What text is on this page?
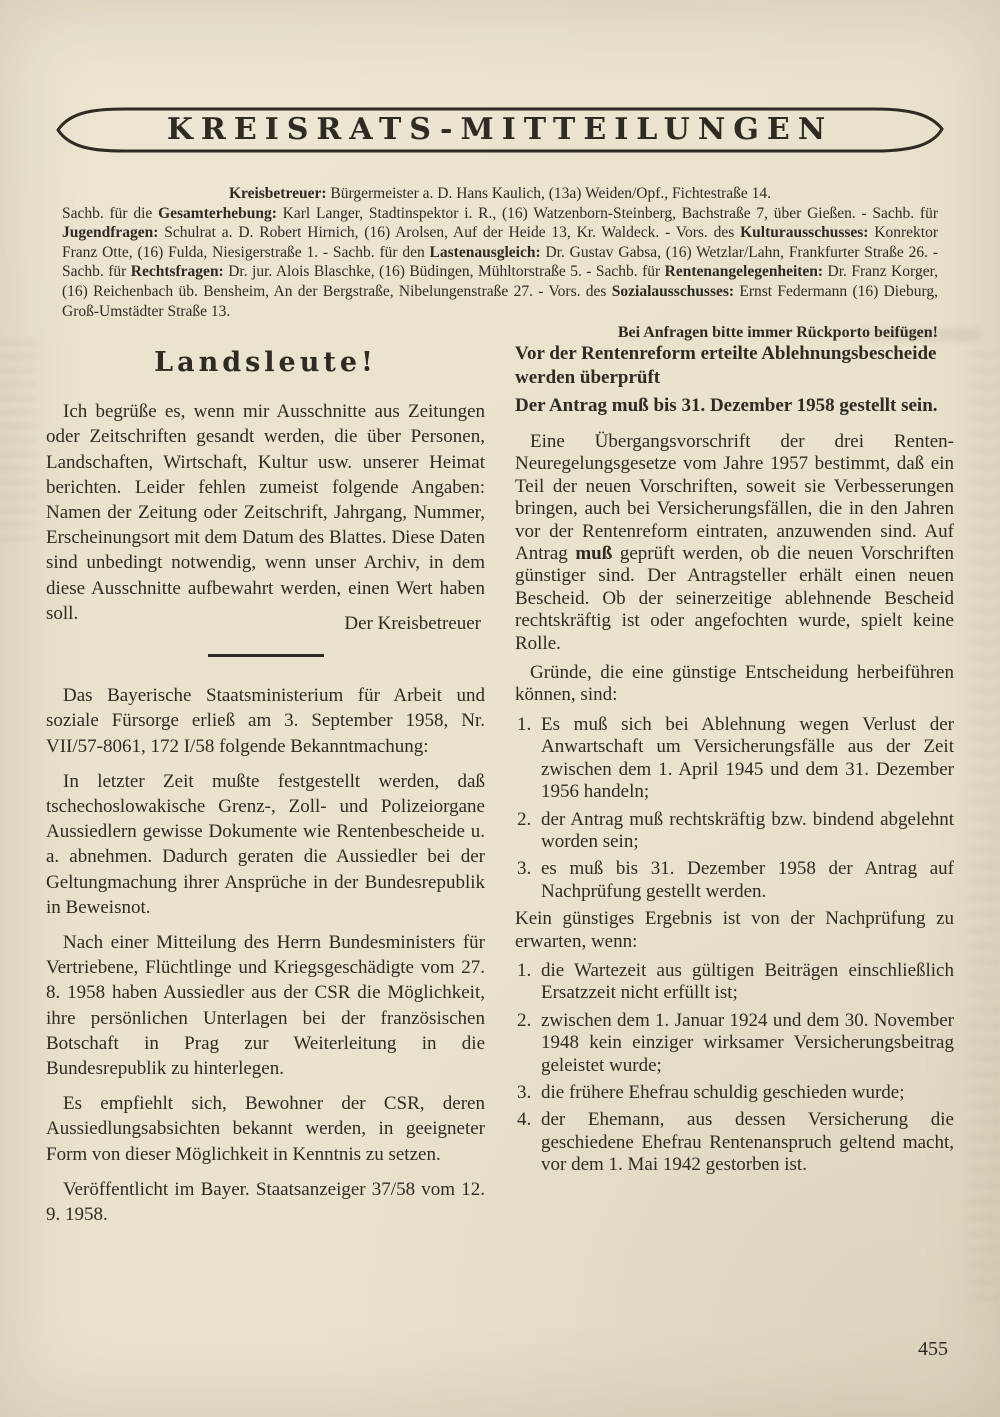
KREISRATS-MITTEILUNGEN
Kreisbetreuer: Bürgermeister a. D. Hans Kaulich, (13a) Weiden/Opf., Fichtestraße 14.
Sachb. für die Gesamterhebung: Karl Langer, Stadtinspektor i. R., (16) Watzenborn-Steinberg, Bachstraße 7, über Gießen. - Sachb. für Jugendfragen: Schulrat a. D. Robert Hirnich, (16) Arolsen, Auf der Heide 13, Kr. Waldeck. - Vors. des Kulturausschusses: Konrektor Franz Otte, (16) Fulda, Niesigerstraße 1. - Sachb. für den Lastenausgleich: Dr. Gustav Gabsa, (16) Wetzlar/Lahn, Frankfurter Straße 26. - Sachb. für Rechtsfragen: Dr. jur. Alois Blaschke, (16) Büdingen, Mühltorstraße 5. - Sachb. für Rentenangelegenheiten: Dr. Franz Korger, (16) Reichenbach üb. Bensheim, An der Bergstraße, Nibelungenstraße 27. - Vors. des Sozialausschusses: Ernst Federmann (16) Dieburg, Groß-Umstädter Straße 13.
Bei Anfragen bitte immer Rückporto beifügen!
Landsleute!

Ich begrüße es, wenn mir Ausschnitte aus Zeitungen oder Zeitschriften gesandt werden, die über Personen, Landschaften, Wirtschaft, Kultur usw. unserer Heimat berichten. Leider fehlen zumeist folgende Angaben: Namen der Zeitung oder Zeitschrift, Jahrgang, Nummer, Erscheinungsort mit dem Datum des Blattes. Diese Daten sind unbedingt notwendig, wenn unser Archiv, in dem diese Ausschnitte aufbewahrt werden, einen Wert haben soll.	Der Kreisbetreuer

Das Bayerische Staatsministerium für Arbeit und soziale Fürsorge erließ am 3. September 1958, Nr. VII/57-8061, 172 I/58 folgende Bekanntmachung:

In letzter Zeit mußte festgestellt werden, daß tschechoslowakische Grenz-, Zoll- und Polizeiorgane Aussiedlern gewisse Dokumente wie Rentenbescheide u. a. abnehmen. Dadurch geraten die Aussiedler bei der Geltungmachung ihrer Ansprüche in der Bundesrepublik in Beweisnot.

Nach einer Mitteilung des Herrn Bundesministers für Vertriebene, Flüchtlinge und Kriegsgeschädigte vom 27. 8. 1958 haben Aussiedler aus der CSR die Möglichkeit, ihre persönlichen Unterlagen bei der französischen Botschaft in Prag zur Weiterleitung in die Bundesrepublik zu hinterlegen.

Es empfiehlt sich, Bewohner der CSR, deren Aussiedlungsabsichten bekannt werden, in geeigneter Form von dieser Möglichkeit in Kenntnis zu setzen.

Veröffentlicht im Bayer. Staatsanzeiger 37/58 vom 12. 9. 1958.

Vor der Rentenreform erteilte Ablehnungsbescheide werden überprüft
Der Antrag muß bis 31. Dezember 1958 gestellt sein.

Eine Übergangsvorschrift der drei Renten-Neuregelungsgesetze vom Jahre 1957 bestimmt, daß ein Teil der neuen Vorschriften, soweit sie Verbesserungen bringen, auch bei Versicherungsfällen, die in den Jahren vor der Rentenreform eintraten, anzuwenden sind. Auf Antrag muß geprüft werden, ob die neuen Vorschriften günstiger sind. Der Antragsteller erhält einen neuen Bescheid. Ob der seinerzeitige ablehnende Bescheid rechtskräftig ist oder angefochten wurde, spielt keine Rolle.

Gründe, die eine günstige Entscheidung herbeiführen können, sind:

1. Es muß sich bei Ablehnung wegen Verlust der Anwartschaft um Versicherungsfälle aus der Zeit zwischen dem 1. April 1945 und dem 31. Dezember 1956 handeln;
2. der Antrag muß rechtskräftig bzw. bindend abgelehnt worden sein;
3. es muß bis 31. Dezember 1958 der Antrag auf Nachprüfung gestellt werden.

Kein günstiges Ergebnis ist von der Nachprüfung zu erwarten, wenn:

1. die Wartezeit aus gültigen Beiträgen einschließlich Ersatzzeit nicht erfüllt ist;
2. zwischen dem 1. Januar 1924 und dem 30. November 1948 kein einziger wirksamer Versicherungsbeitrag geleistet wurde;
3. die frühere Ehefrau schuldig geschieden wurde;
4. der Ehemann, aus dessen Versicherung die geschiedene Ehefrau Rentenanspruch geltend macht, vor dem 1. Mai 1942 gestorben ist.
455
